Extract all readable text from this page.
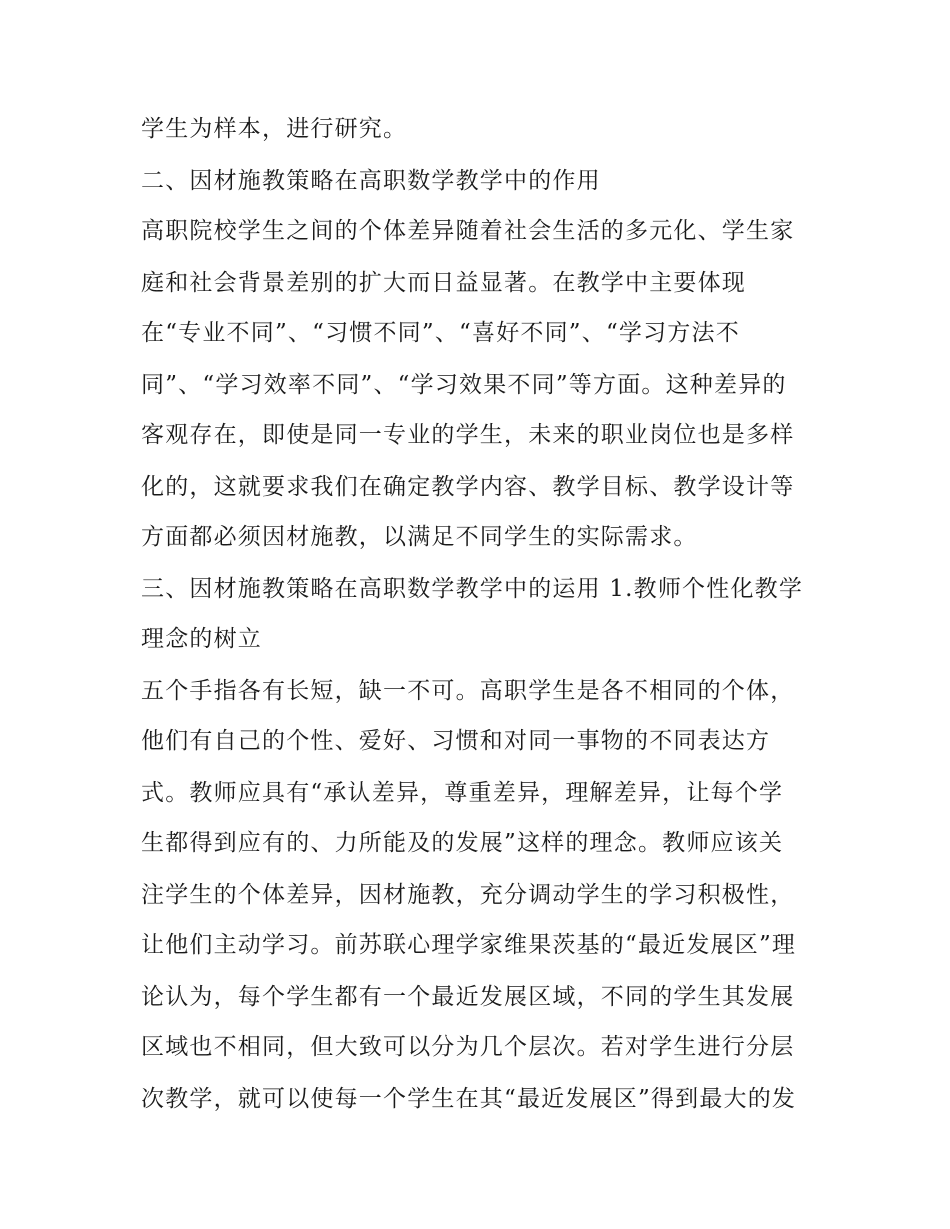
学生为样本，进行研究。
二、因材施教策略在高职数学教学中的作用
高职院校学生之间的个体差异随着社会生活的多元化、学生家
庭和社会背景差别的扩大而日益显著。在教学中主要体现
在“专业不同”、“习惯不同”、“喜好不同”、“学习方法不
同”、“学习效率不同”、“学习效果不同”等方面。这种差异的
客观存在，即使是同一专业的学生，未来的职业岗位也是多样
化的，这就要求我们在确定教学内容、教学目标、教学设计等
方面都必须因材施教，以满足不同学生的实际需求。
三、因材施教策略在高职数学教学中的运用 1.教师个性化教学
理念的树立
五个手指各有长短，缺一不可。高职学生是各不相同的个体，
他们有自己的个性、爱好、习惯和对同一事物的不同表达方
式。教师应具有“承认差异，尊重差异，理解差异，让每个学
生都得到应有的、力所能及的发展”这样的理念。教师应该关
注学生的个体差异，因材施教，充分调动学生的学习积极性，
让他们主动学习。前苏联心理学家维果茨基的“最近发展区”理
论认为，每个学生都有一个最近发展区域，不同的学生其发展
区域也不相同，但大致可以分为几个层次。若对学生进行分层
次教学，就可以使每一个学生在其“最近发展区”得到最大的发
